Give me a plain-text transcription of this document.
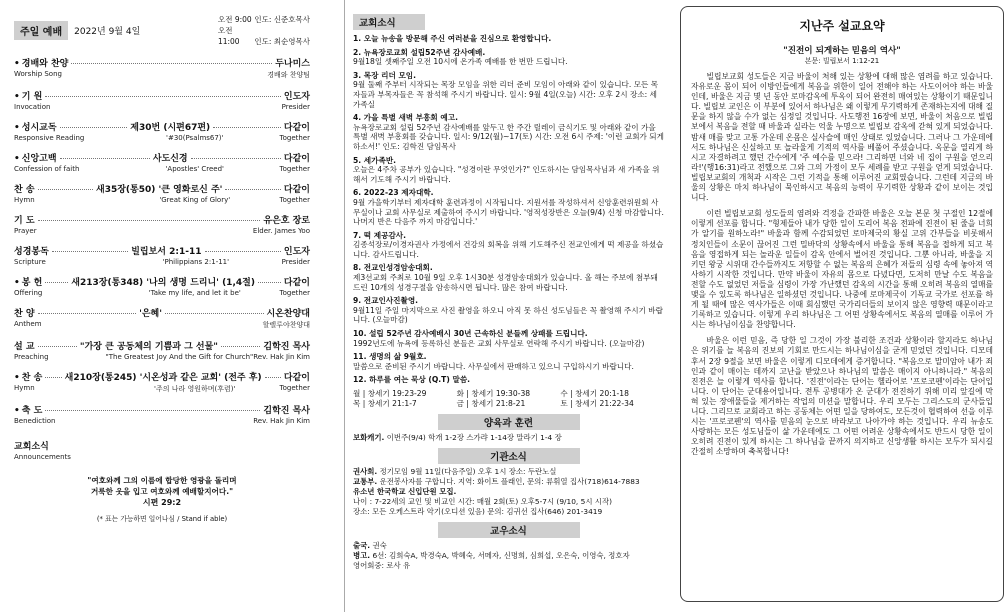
주일 예배	2022년 9월 4일
오전 9:00 인도: 신준호목사
오전 11:00 인도: 최순영목사
• 경배와 찬양	두나미스
Worship Song	경배와 찬양팀
• 기 원	인도자
Invocation	Presider
• 성시교독	제30번 (시편67편)	다같이
Responsive Reading	'#30(Psalms67)'	Together
• 신앙고백	사도신경	다같이
Confession of faith	'Apostles' Creed'	Together
찬 송	새35장(통50) '큰 영화로신 주'	다같이
Hymn	'Great King of Glory'	Together
기 도	유은호 장로
Prayer	Elder. James Yoo
성경봉독	빌립보서 2:1-11	인도자
Scripture	'Philippians 2:1-11'	Presider
• 봉 헌	새213장(통348) '나의 생명 드리니' (1,4절)	다같이
Offering	'Take my life, and let it be'	Together
찬 양	'은혜'	시온찬양대
Anthem	할렐루야찬양대
설 교	"가장 큰 공동체의 기쁨과 그 선물"	김학진 목사
Preaching	"The Greatest Joy And the Gift for Church" Rev. Hak Jin Kim
• 찬 송 새210장(통245) '시온성과 같은 교회' (전주 후) 다같이
Hymn	'주의 나라 영원하며(후렴)'	Together
• 축 도	김학진 목사
Benediction	Rev. Hak Jin Kim
교회소식
Announcements
"여호와께 그의 이름에 합당한 영광을 돌리며
거룩한 옷을 입고 여호와께 예배할지어다."
시편 29:2
(* 표는 가능하면 일어나심 / Stand if able)
교회소식
1. 오늘 뉴송을 방문해 주신 여러분을 진심으로 환영합니다.
2. 뉴욕장로교회 설립52주년 감사예배.
9월18일 셋째주일 오전 10시에 온가족 예배를 한 번만 드립니다.
3. 목장 리더 모임.
9월 둘째 주부터 시작되는 목장 모임을 위한 리더 준비 모임이 아래와 같이 있습니다. 모든 목자들과 부목자들은 꼭 참석해 주시기 바랍니다. 일시: 9월 4일(오늘) 시간: 오후 2시 장소: 세가족실
4. 가을 특별 새벽 부흥회 예고.
뉴욕장로교회 설립 52주년 감사예배를 앞두고 한 주간 릴레이 금식기도 및 아래와 같이 가을 특별 새벽 부흥회를 갖습니다. 일시: 9/12(월)~17(토) 시간: 오전 6시 주제: '이런 교회가 되게 하소서!' 인도: 김학진 담임목사
5. 세가족반.
오늘은 4주차 공부가 있습니다. "성경이란 무엇인가?" 인도하시는 담임목사님과 새 가족을 위해서 기도해 주시기 바랍니다.
6. 2022-23 제자대학.
9월 가을학기부터 제자대학 훈련과정이 시작됩니다. 지원서를 작성하셔서 신앙훈련위원회 사무실이나 교회 사무실로 제출하여 주시기 바랍니다. '영적성장반은 오늘(9/4) 신청 마감합니다. 나머지 반은 다음주 까지 마감입니다.'
7. 떡 제공감사.
김종석장로/이경자권사 가정에서 건강의 회복을 위해 기도해주신 전교인에게 떡 제공을 하셨습니다. 감사드립니다.
8. 전교인성경암송대회.
제3선교회 주최로 10월 9일 오후 1시30분 성경암송대회가 있습니다. 올 해는 주보에 첨부돼 드린 10개의 성경구절을 암송하시면 됩니다. 많은 참여 바랍니다.
9. 전교인사진촬영.
9월11일 주일 마지막으로 사진 촬영을 하오니 아직 못 하신 성도님들은 꼭 촬영해 주시기 바랍니다. (오늘마감)
10. 설립 52주년 감사예배시 30년 근속하신 분들께 상패를 드립니다.
1992년도에 뉴욕에 등록하신 분들은 교회 사무실로 연락해 주시기 바랍니다. (오늘마감)
11. 생명의 삶 9월호.
말씀으로 준비된 주시기 바랍니다. 사무실에서 판매하고 있으니 구입하시기 바랍니다.
12. 하루를 여는 묵상 (Q.T) 말씀.
월 | 창세기 19:23-29	화 | 창세기 19:30-38	수 | 창세기 20:1-18
목 | 창세기 21:1-7	금 | 창세기 21:8-21	토 | 창세기 21:22-34
양육과 훈련
보화캐기. 이번주(9/4) 학개 1-2장 스가랴 1-14장 말라기 1-4 장
기관소식
권사회. 정기모임 9월 11일(다음주일) 오후 1시 장소: 두란노실
교통부. 운전봉사자를 구합니다. 지역: 화이트 플래인, 문의: 류휘열 집사(718)614-7883
유소년 한국학교 신입단원 모집.
나이 : 7-22세의 교인 및 비교인 시간: 매월 2회(토) 오후5-7시 (9/10, 5시 시작)
장소: 모든 오케스트라 악기(오디션 있음) 문의: 김귀선 집사(646) 201-3419
교우소식
출국. 권숙
병고. 6선: 김희숙A, 박경숙A, 박혜숙, 서메자, 신명희, 심희섭, 오은숙, 이영숙, 정호자
영어회중: 로사 유
지난주 설교요약
"진전이 되게하는 믿음의 역사"
본문: 빌립보서 1:12-21
빌립보교회 성도들은 지금 바울이 처해 있는 상황에 대해 많은 염려를 하고 있습니다. 자유로운 몸이 되어 이방인들에게 복음을 위한이 일어 전해야 하는 사도이어야 하는 바울인데, 바울은 지금 몇 년 동안 로마감옥에 투옥이 되어 완전히 매여있는 상황이기 때문입니다. 빌립보 교인은 이 부분에 있어서 하나님은 왜 이렇게 무기력하게 존재하는지에 대해 질문을 하지 않을 수가 없는 심정일 것입니다. 사도행전 16장에 보면, 바울이 처음으로 빌립보에서 복음을 전할 때 바울과 실라는 억울 누명으로 빌립보 감옥에 갇혀 있게 되었습니다. 밤새 매를 맞고 고통 가운데 온몸은 실사슬에 매인 상태로 있었습니다. 그러나 그 가운데에서도 하나님은 신실하고 또 놀라울게 기적의 역사를 베풀어 주셨습니다. 옥문을 열리게 하시고 자결하려고 했던 간수에게 '주 예수를 믿으라! 그리하면 너와 네 집이 구원을 얻으리라!'(행16:31)라고 전했으로 그와 그의 가정이 모두 세례를 받고 구원을 얻게 되었습니다. 빌립보교회의 개척과 시작은 그런 기적을 통해 이루어진 교회였습니다. 그런데 지금의 바울의 상황은 마치 하나님이 묵인하시고 복음의 능력이 무기력한 상황과 같이 보이는 것입니다.
이런 빌립보교회 성도들의 염려와 걱정을 간파한 바울은 오늘 본문 첫 구절인 12절에 이렇게 선포를 합니다. "형제들아 내가 당한 일이 도리어 복음 전파에 진전이 된 줄을 너희가 알기를 원하노라!" 바울과 함께 수감되었던 로마제국의 황실 고위 간부들을 비롯해서 정치인들이 소문이 끊어진 그런 밀바닥의 상황속에서 바울을 통해 복음을 접하게 되고 복음을 영접하게 되는 놀라운 일들이 감옥 안에서 벌어진 것입니다. 그뿐 아니라, 바울을 지키던 왕궁 시위대 간수들까지도 저항할 수 없는 복음의 은혜가 저들의 심령 속에 놓아져 역사하기 시작한 것입니다. 만약 바울이 자유의 몸으로 다녔다면, 도저히 만날 수도 복음을 전할 수도 없었던 저들을 심령이 가장 가난했던 감옥의 시간을 통해 오히려 복음의 열매를 맺을 수 있도록 하나님은 일하셨던 것입니다. 나중에 로마제국이 기독교 국가로 선포를 하게 될 때에 많은 역사가들은 이때 회심했던 국가리더들의 보이지 않은 영향력 때문이라고 기록하고 있습니다. 이렇게 우리 하나님은 그 어떤 상황속에서도 복음의 열매를 이루어 가시는 하나님이심을 찬양합니다.
바울은 이런 믿음, 즉 당한 일 그것이 가장 불리한 조건과 상황이라 할지라도 하나님은 위기를 늘 복음의 진보의 기회로 만드시는 하나님이심을 굳게 믿었던 것입니다. 디모데후서 2장 9절을 보면 바울은 이렇게 디모데에게 증거합니다. "복음으로 말미암아 내가 죄인과 같이 매이는 데까지 고난을 받았으나 하나님의 말씀은 매이지 아니하니라." 복음의 진전은 늘 이렇게 역사를 합니다. '진전'이라는 단어는 헬라어로 '프로코펜'이라는 단어입니다. 이 단어는 군대용어입니다. 전투 공병대가 온 군대가 전진하기 위해 미리 앞길에 막혀 있는 장애물들을 제거하는 작업의 미션을 말합니다. 우리 모두는 그리스도의 군사들입니다. 그리므로 교회라고 하는 공동체는 어떤 일을 당하여도, 모든것이 협력하여 선을 이루시는 '프로코펜'의 역사를 믿음의 눈으로 바라보고 나아가야 하는 것입니다. 우리 뉴송도 사랑하는 모든 성도님들이 삶 가운데에도 그 어떤 어려운 상황속에서도 반드시 당한 일이 오히려 진전이 있게 하시는 그 하나님을 끝까지 의지하고 신앙생활 하시는 모두가 되시길 간절히 소망하며 축복합니다!
